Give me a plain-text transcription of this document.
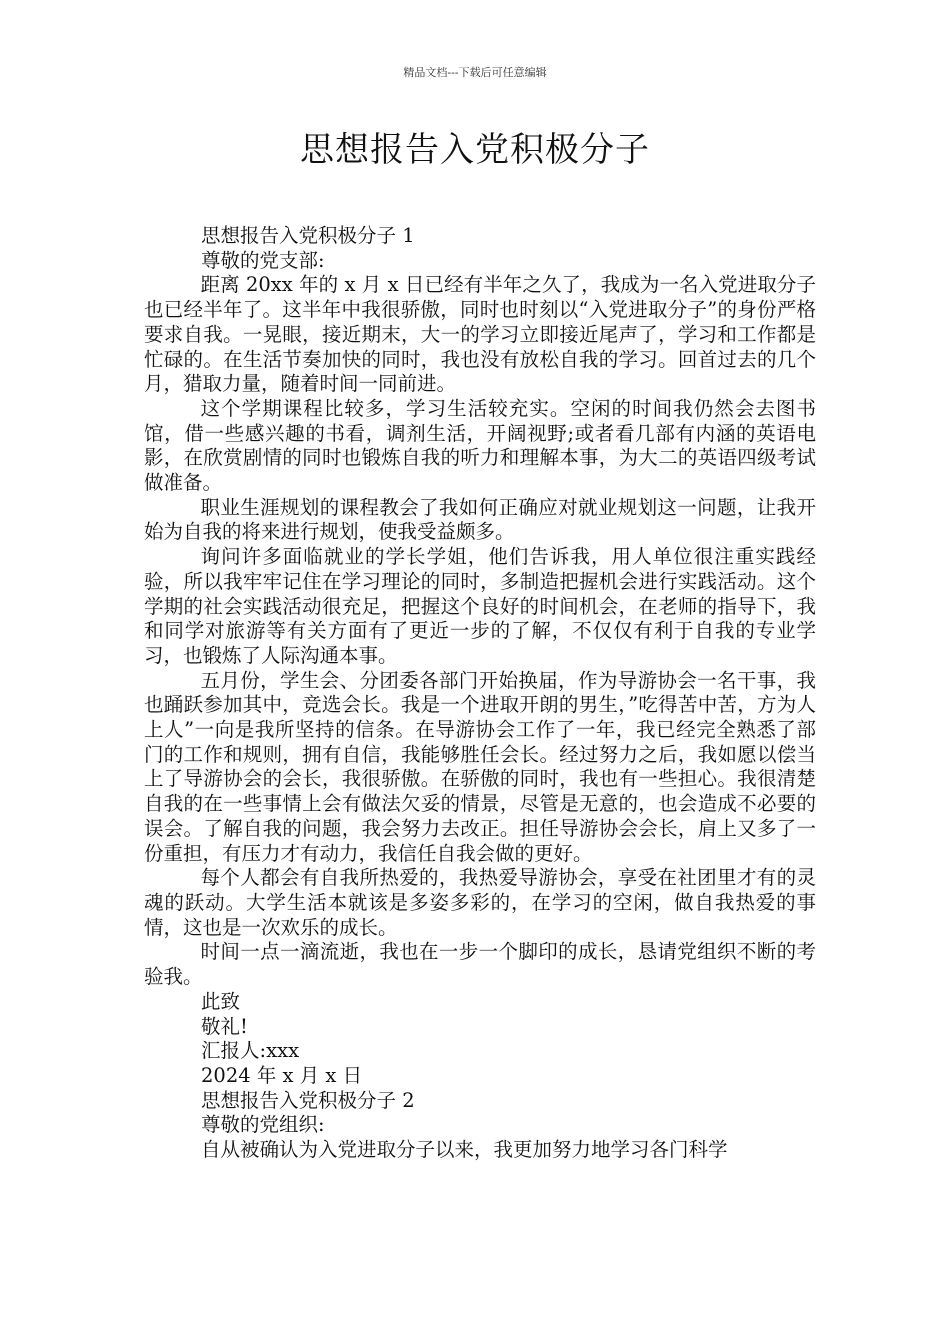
精品文档---下载后可任意编辑
思想报告入党积极分子

思想报告入党积极分子 1

尊敬的党支部:

距离 20xx 年的 x 月 x 日已经有半年之久了，我成为一名入党进取分子也已经半年了。这半年中我很骄傲，同时也时刻以“入党进取分子”的身份严格要求自我。一晃眼，接近期末，大一的学习立即接近尾声了，学习和工作都是忙碌的。在生活节奏加快的同时，我也没有放松自我的学习。回首过去的几个月，猎取力量，随着时间一同前进。

这个学期课程比较多，学习生活较充实。空闲的时间我仍然会去图书馆，借一些感兴趣的书看，调剂生活，开阔视野;或者看几部有内涵的英语电影，在欣赏剧情的同时也锻炼自我的听力和理解本事，为大二的英语四级考试做准备。

职业生涯规划的课程教会了我如何正确应对就业规划这一问题，让我开始为自我的将来进行规划，使我受益颇多。

询问许多面临就业的学长学姐，他们告诉我，用人单位很注重实践经验，所以我牢牢记住在学习理论的同时，多制造把握机会进行实践活动。这个学期的社会实践活动很充足，把握这个良好的时间机会，在老师的指导下，我和同学对旅游等有关方面有了更近一步的了解，不仅仅有利于自我的专业学习，也锻炼了人际沟通本事。

五月份，学生会、分团委各部门开始换届，作为导游协会一名干事，我也踊跃参加其中，竞选会长。我是一个进取开朗的男生，”吃得苦中苦，方为人上人”一向是我所坚持的信条。在导游协会工作了一年，我已经完全熟悉了部门的工作和规则，拥有自信，我能够胜任会长。经过努力之后，我如愿以偿当上了导游协会的会长，我很骄傲。在骄傲的同时，我也有一些担心。我很清楚自我的在一些事情上会有做法欠妥的情景，尽管是无意的，也会造成不必要的误会。了解自我的问题，我会努力去改正。担任导游协会会长，肩上又多了一份重担，有压力才有动力，我信任自我会做的更好。

每个人都会有自我所热爱的，我热爱导游协会，享受在社团里才有的灵魂的跃动。大学生活本就该是多姿多彩的，在学习的空闲，做自我热爱的事情，这也是一次欢乐的成长。

时间一点一滴流逝，我也在一步一个脚印的成长，恳请党组织不断的考验我。

此致

敬礼!

汇报人:xxx

2024 年 x 月 x 日

思想报告入党积极分子 2

尊敬的党组织:

自从被确认为入党进取分子以来，我更加努力地学习各门科学
